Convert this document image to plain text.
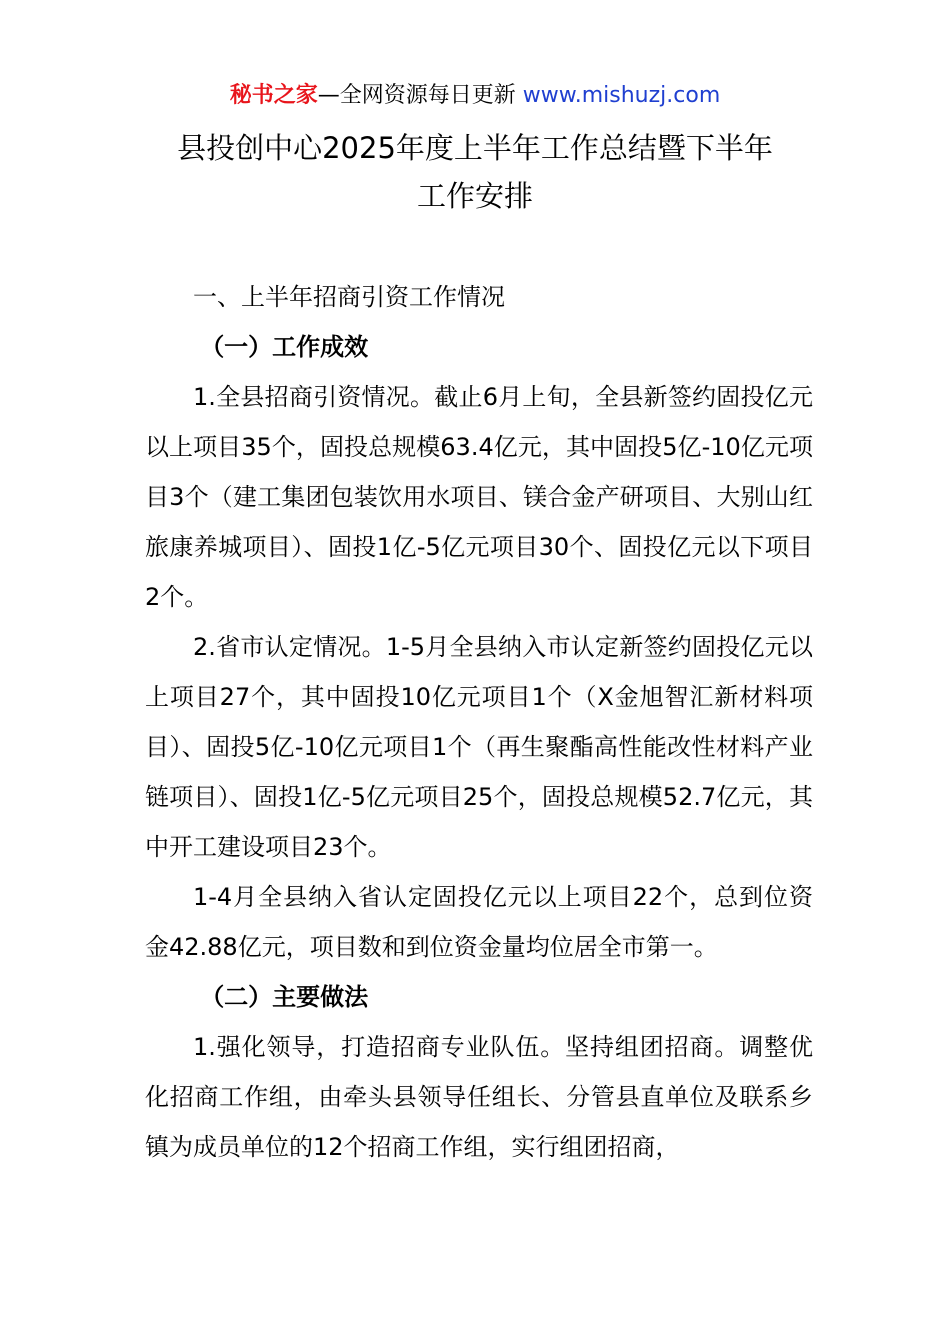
秘书之家—全网资源每日更新 www.mishuzj.com
县投创中心2025年度上半年工作总结暨下半年
工作安排

一、上半年招商引资工作情况

（一）工作成效

1.全县招商引资情况。截止6月上旬，全县新签约固投亿元以上项目35个，固投总规模63.4亿元，其中固投5亿-10亿元项目3个（建工集团包装饮用水项目、镁合金产研项目、大别山红旅康养城项目）、固投1亿-5亿元项目30个、固投亿元以下项目2个。

2.省市认定情况。1-5月全县纳入市认定新签约固投亿元以上项目27个，其中固投10亿元项目1个（X金旭智汇新材料项目）、固投5亿-10亿元项目1个（再生聚酯高性能改性材料产业链项目）、固投1亿-5亿元项目25个，固投总规模52.7亿元，其中开工建设项目23个。

1-4月全县纳入省认定固投亿元以上项目22个，总到位资金42.88亿元，项目数和到位资金量均位居全市第一。

（二）主要做法

1.强化领导，打造招商专业队伍。坚持组团招商。调整优化招商工作组，由牵头县领导任组长、分管县直单位及联系乡镇为成员单位的12个招商工作组，实行组团招商，
